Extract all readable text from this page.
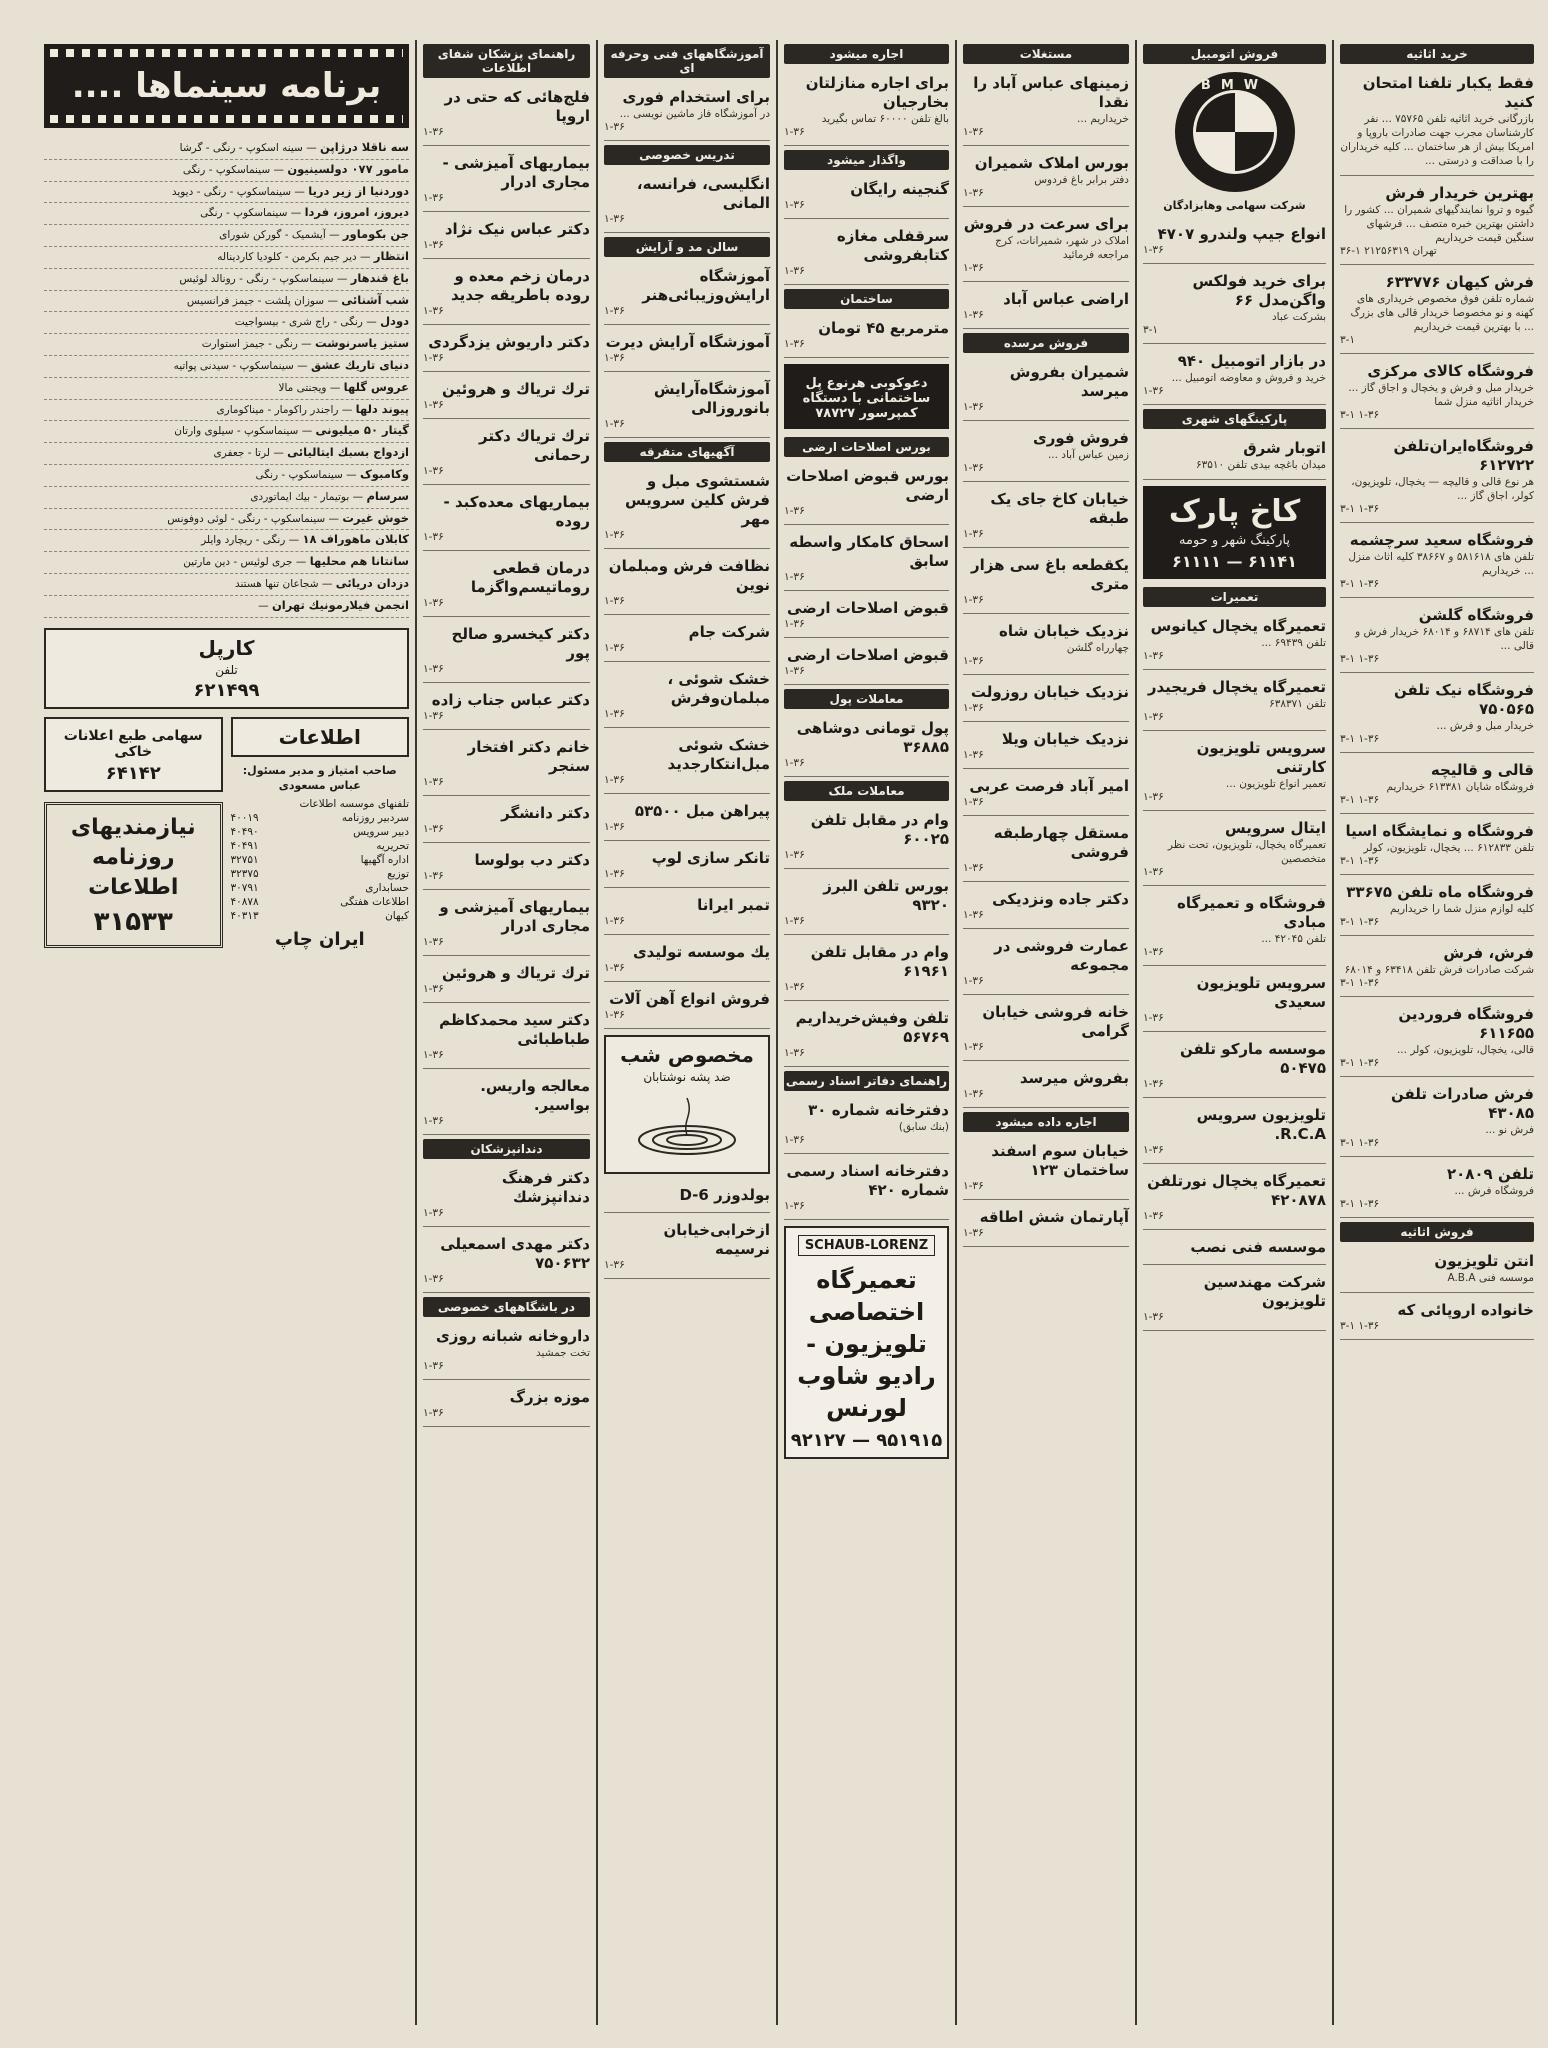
خرید اثاثیه
فقط یکبار تلفنا امتحان کنید
بازرگانی خرید اثاثیه تلفن ۷۵۷۶۵ ... نفر کارشناسان مجرب جهت صادرات باروپا و امریکا بیش از هر ساختمان ... کلیه خریداران را با صداقت و درستی ...
بهترین خریدار فرش
گیوه و تروا نمایندگیهای شمیران ... کشور را داشتن بهترین خبره متصف ... فرشهای سنگین قیمت خریداریم
تهران ۲۱۲۵۶۳۱۹ ۱-۳۶
فرش کیهان ۶۳۳۷۷۶
شماره تلفن فوق مخصوص خریداری های کهنه و نو مخصوصا خریدار قالی های بزرگ ... با بهترین قیمت خریداریم
۳-۱
فروشگاه کالای مرکزی
خریدار مبل و فرش و یخچال و اجاق گاز ... خریدار اثاثیه منزل شما
۳-۱ ۱-۳۶
فروشگاه‌ایران‌تلفن ۶۱۲۷۲۲
هر نوع قالی و قالیچه — یخچال، تلویزیون، کولر، اجاق گاز ...
۳-۱ ۱-۳۶
فروشگاه سعید سرچشمه
تلفن های ۵۸۱۶۱۸ و ۳۸۶۶۷ کلیه اثاث منزل ... خریداریم
۳-۱ ۱-۳۶
فروشگاه گلشن
تلفن های ۶۸۷۱۴ و ۶۸۰۱۴ خریدار فرش و قالی ...
۳-۱ ۱-۳۶
فروشگاه نیک تلفن ۷۵۰۵۶۵
خریدار مبل و فرش ...
۳-۱ ۱-۳۶
قالی و قالیچه
فروشگاه شایان ۶۱۳۳۸۱ خریداریم
۳-۱ ۱-۳۶
فروشگاه و نمایشگاه اسیا
تلفن ۶۱۲۸۳۳ ... یخچال، تلویزیون، کولر
۳-۱ ۱-۳۶
فروشگاه ماه تلفن ۳۳۶۷۵
کلیه لوازم منزل شما را خریداریم
۳-۱ ۱-۳۶
فرش، فرش
شرکت صادرات فرش تلفن ۶۳۴۱۸ و ۶۸۰۱۴
۳-۱ ۱-۳۶
فروشگاه فروردین ۶۱۱۶۵۵
قالی، یخچال، تلویزیون، کولر ...
۳-۱ ۱-۳۶
فرش صادرات تلفن ۴۳۰۸۵
فرش نو ...
۳-۱ ۱-۳۶
تلفن ۲۰۸۰۹
فروشگاه فرش ...
۳-۱ ۱-۳۶
فروش اثاثیه
انتن تلویزیون
موسسه فنی A.B.A
خانواده اروپائی که
۳-۱ ۱-۳۶
فروش اتومبیل
BMW
شرکت سهامی وهابزادگان
انواع جیپ ولندرو ۴۷۰۷
۱-۳۶
برای خرید فولکس واگن‌مدل ۶۶
بشرکت عباد
۳-۱
در بازار اتومبیل ۹۴۰
خرید و فروش و معاوضه اتومبیل ...
۱-۳۶
پارکینگهای شهری
اتوبار شرق
میدان باغچه بیدی تلفن ۶۳۵۱۰
کاخ پارک
پارکینگ شهر و حومه
۶۱۱۱۱ — ۶۱۱۴۱
تعمیرات
تعمیرگاه یخچال کیانوس
تلفن ۶۹۴۳۹ ...
۱-۳۶
تعمیرگاه یخچال فریجیدر
تلفن ۶۳۸۳۷۱
۱-۳۶
سرویس تلویزیون کارتنی
تعمیر انواع تلویزیون ...
۱-۳۶
ایتال سرویس
تعمیرگاه یخچال، تلویزیون، تحت نظر متخصصین
۱-۳۶
فروشگاه و تعمیرگاه مبادی
تلفن ۴۲۰۴۵ ...
۱-۳۶
سرویس تلویزیون سعیدی
۱-۳۶
موسسه مارکو تلفن ۵۰۴۷۵
۱-۳۶
تلویزیون سرویس R.C.A.
۱-۳۶
تعمیرگاه یخچال نورتلفن ۴۲۰۸۷۸
۱-۳۶
موسسه فنی نصب
شرکت مهندسین تلویزیون
۱-۳۶
مستغلات
زمینهای عباس آباد را نقدا
خریداریم ...
۱-۳۶
بورس املاک شمیران
دفتر برابر باغ فردوس
۱-۳۶
برای سرعت در فروش
املاک در شهر، شمیرانات، کرج مراجعه فرمائید
۱-۳۶
اراضی عباس آباد
۱-۳۶
فروش مرسده
شمیران بفروش میرسد
۱-۳۶
فروش فوری
زمین عباس آباد ...
۱-۳۶
خیابان کاخ جای یک طبقه
۱-۳۶
یکقطعه باغ سی هزار متری
۱-۳۶
نزدیک خیابان شاه
چهارراه گلشن
۱-۳۶
نزدیک خیابان روزولت
۱-۳۶
نزدیک خیابان ویلا
۱-۳۶
امیر آباد فرصت عربی
۱-۳۶
مستقل چهارطبقه فروشی
۱-۳۶
دکتر جاده ونزدیکی
۱-۳۶
عمارت فروشی در مجموعه
۱-۳۶
خانه فروشی خیابان گرامی
۱-۳۶
بفروش میرسد
۱-۳۶
اجاره داده میشود
خیابان سوم اسفند ساختمان ۱۲۳
۱-۳۶
آپارتمان شش اطاقه
۱-۳۶
اجاره میشود
برای اجاره منازلتان بخارجیان
بالغ تلفن ۶۰۰۰۰ تماس بگیرید
۱-۳۶
واگذار میشود
گنجینه رایگان
۱-۳۶
سرقفلی مغازه کتابفروشی
۱-۳۶
ساختمان
مترمربع ۴۵ تومان
۱-۳۶
دعوکوبی هرنوع پل ساختمانی با دستگاه کمپرسور ۷۸۷۲۷
بورس اصلاحات ارضی
بورس قبوض اصلاحات ارضی
۱-۳۶
اسحاق کامکار واسطه سابق
۱-۳۶
قبوض اصلاحات ارضی
۱-۳۶
قبوض اصلاحات ارضی
۱-۳۶
معاملات پول
پول تومانی دوشاهی ۳۶۸۸۵
۱-۳۶
معاملات ملک
وام در مقابل تلفن ۶۰۰۲۵
۱-۳۶
بورس تلفن البرز ۹۳۲۰
۱-۳۶
وام در مقابل تلفن ۶۱۹۶۱
۱-۳۶
تلفن وفیش‌خریداریم ۵۶۷۶۹
۱-۳۶
راهنمای دفاتر اسناد رسمی
دفترخانه شماره ۳۰
(بنك سابق)
۱-۳۶
دفترخانه اسناد رسمی شماره ۴۲۰
۱-۳۶
SCHAUB-LORENZ
تعمیرگاه اختصاصی تلویزیون - رادیو شاوب لورنس
۹۲۱۲۷ — ۹۵۱۹۱۵
آموزشگاههای فنی وحرفه ای
برای استخدام فوری
در آموزشگاه فاز ماشین نویسی ...
۱-۳۶
تدریس خصوصی
انگلیسی، فرانسه، المانی
۱-۳۶
سالن مد و آرایش
آموزشگاه ارایش‌وزیبائی‌هنر
۱-۳۶
آموزشگاه آرایش دیرت
۱-۳۶
آموزشگاه‌آرایش بانوروزالی
۱-۳۶
آگهیهای متفرقه
شستشوی مبل و فرش کلین سرویس مهر
۱-۳۶
نظافت فرش ومبلمان نوین
۱-۳۶
شرکت جام
۱-۳۶
خشک شوئی ، مبلمان‌وفرش
۱-۳۶
خشک شوئی مبل‌انتکارجدید
۱-۳۶
پیراهن مبل ۵۳۵۰۰
۱-۳۶
تانکر سازی لوپ
۱-۳۶
تمبر ایرانا
۱-۳۶
یك موسسه تولیدی
۱-۳۶
فروش انواع آهن آلات
۱-۳۶
مخصوص شب
ضد پشه نوشتابان
بولدوزر D-6
ازخرابی‌خیابان نرسیمه
۱-۳۶
راهنمای پزشکان شفای اطلاعات
فلج‌هائی که حتی در اروپا
۱-۳۶
بیماریهای آمیزشی - مجاری ادرار
۱-۳۶
دکتر عباس نیک نژاد
۱-۳۶
درمان زخم معده و روده باطریقه جدید
۱-۳۶
دکتر داریوش یزدگردی
۱-۳۶
ترك تریاك و هروئین
۱-۳۶
ترك تریاك دکتر رحمانی
۱-۳۶
بیماریهای معده‌کبد - روده
۱-۳۶
درمان قطعی روماتیسم‌واگزما
۱-۳۶
دکتر کیخسرو صالح پور
۱-۳۶
دکتر عباس جناب زاده
۱-۳۶
خانم دکتر افتخار سنجر
۱-۳۶
دکتر دانشگر
۱-۳۶
دکتر دب بولوسا
۱-۳۶
بیماریهای آمیزشی و مجاری ادرار
۱-۳۶
ترك تریاك و هروئین
۱-۳۶
دکتر سید محمدکاظم طباطبائی
۱-۳۶
معالجه واریس. بواسیر.
۱-۳۶
دندانپزشکان
دکتر فرهنگ دندانپزشك
۱-۳۶
دکتر مهدی اسمعیلی ۷۵۰۶۳۲
۱-۳۶
در باشگاههای خصوصی
داروخانه شبانه روزی
تخت جمشید
۱-۳۶
موزه بزرگ
۱-۳۶
برنامه سینماها ....
سه ناقلا درژاپن — سینه اسکوپ - رنگی - گرشا
مامور ۰۷۷ دولسینیون — سینماسکوپ - رنگی
دوردنیا از زیر دریا — سینماسکوپ - رنگی - دیوید
دیروز، امروز، فردا — سینماسکوپ - رنگی
جن بکوماور — آیشمیک - گورکن شورای
انتظار — دیر جیم بکرمن - کلودیا کاردیناله
باغ قندهار — سینماسکوپ - رنگی - رونالد لوئیس
شب آشنائی — سوزان پلشت - جیمز فرانسیس
دودل — رنگی - راج شری - بیسواجیت
ستیز یاسرنوشت — رنگی - جیمز استوارت
دنیای تاریك عشق — سینماسکوپ - سیدنی پواتیه
عروس گلها — ویجنتی مالا
پیوند دلها — راجندر راکومار - میناکوماری
گیتار ۵۰ میلیونی — سینماسکوپ - سیلوی وارتان
ازدواج بسبك ایتالیائی — لرتا - جعفری
وکامبوک — سینماسکوپ - رنگی
سرسام — بوتیمار - بیك ایماتوردی
خوش غیرت — سینماسکوپ - رنگی - لوئی دوفونس
کابلان ماهوراف ۱۸ — رنگی - ریچارد وایلر
سانتانا هم محلیها — جری لوئیس - دین مارتین
دزدان دریائی — شجاعان تنها هستند
انجمن فیلارمونیك تهران —
کارپل
تلفن
۶۲۱۴۹۹
اطلاعات
صاحب امتیاز و مدیر مسئول: عباس مسعودی
تلفنهای موسسه اطلاعات
سردبیر روزنامه
۴۰۰۱۹
دبیر سرویس
۴۰۴۹۰
تحریریه
۴۰۴۹۱
اداره آگهیها
۳۲۷۵۱
توزیع
۳۲۳۷۵
حسابداری
۳۰۷۹۱
اطلاعات هفتگی
۴۰۸۷۸
کیهان
۴۰۳۱۳
ایران چاپ
سهامی طبع اعلانات خاکی
۶۴۱۴۲
نیازمندیهای روزنامه اطلاعات
۳۱۵۳۳
